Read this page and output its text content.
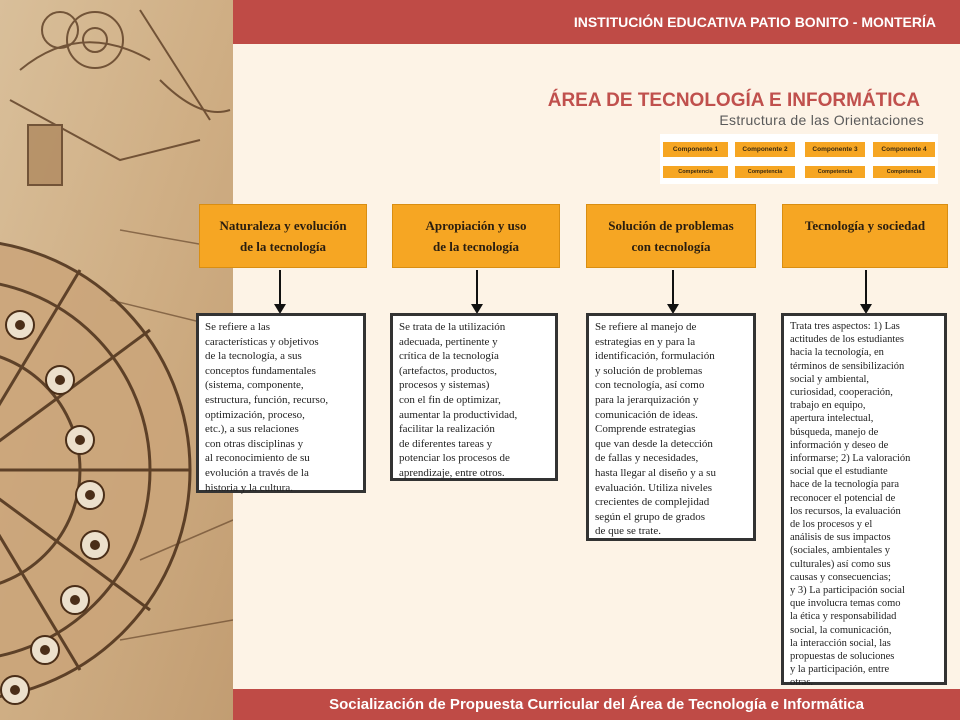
INSTITUCIÓN EDUCATIVA PATIO BONITO - MONTERÍA
ÁREA DE TECNOLOGÍA E INFORMÁTICA
Estructura de las Orientaciones
Componente 1	Componente 2	Componente 3	Componente 4
Competencia	Competencia	Competencia	Competencia
Naturaleza y evolución
de la tecnología
Apropiación y uso
de la tecnología
Solución de problemas
con tecnología
Tecnología y sociedad
Se refiere a las
características y objetivos
de la tecnología, a sus
conceptos fundamentales
(sistema, componente,
estructura, función, recurso,
optimización, proceso,
etc.), a sus relaciones
con otras disciplinas y
al reconocimiento de su
evolución a través de la
historia y la cultura.
Se trata de la utilización
adecuada, pertinente y
crítica de la tecnología
(artefactos, productos,
procesos y sistemas)
con el fin de optimizar,
aumentar la productividad,
facilitar la realización
de diferentes tareas y
potenciar los procesos de
aprendizaje, entre otros.
Se refiere al manejo de
estrategias en y para la
identificación, formulación
y solución de problemas
con tecnología, así como
para la jerarquización y
comunicación de ideas.
Comprende estrategias
que van desde la detección
de fallas y necesidades,
hasta llegar al diseño y a su
evaluación. Utiliza niveles
crecientes de complejidad
según el grupo de grados
de que se trate.
Trata tres aspectos: 1) Las
actitudes de los estudiantes
hacia la tecnología, en
términos de sensibilización
social y ambiental,
curiosidad, cooperación,
trabajo en equipo,
apertura intelectual,
búsqueda, manejo de
información y deseo de
informarse; 2) La valoración
social que el estudiante
hace de la tecnología para
reconocer el potencial de
los recursos, la evaluación
de los procesos y el
análisis de sus impactos
(sociales, ambientales y
culturales) así como sus
causas y consecuencias;
y 3) La participación social
que involucra temas como
la ética y responsabilidad
social, la comunicación,
la interacción social, las
propuestas de soluciones
y la participación, entre
otras.
Socialización de Propuesta Curricular del Área de Tecnología e Informática
